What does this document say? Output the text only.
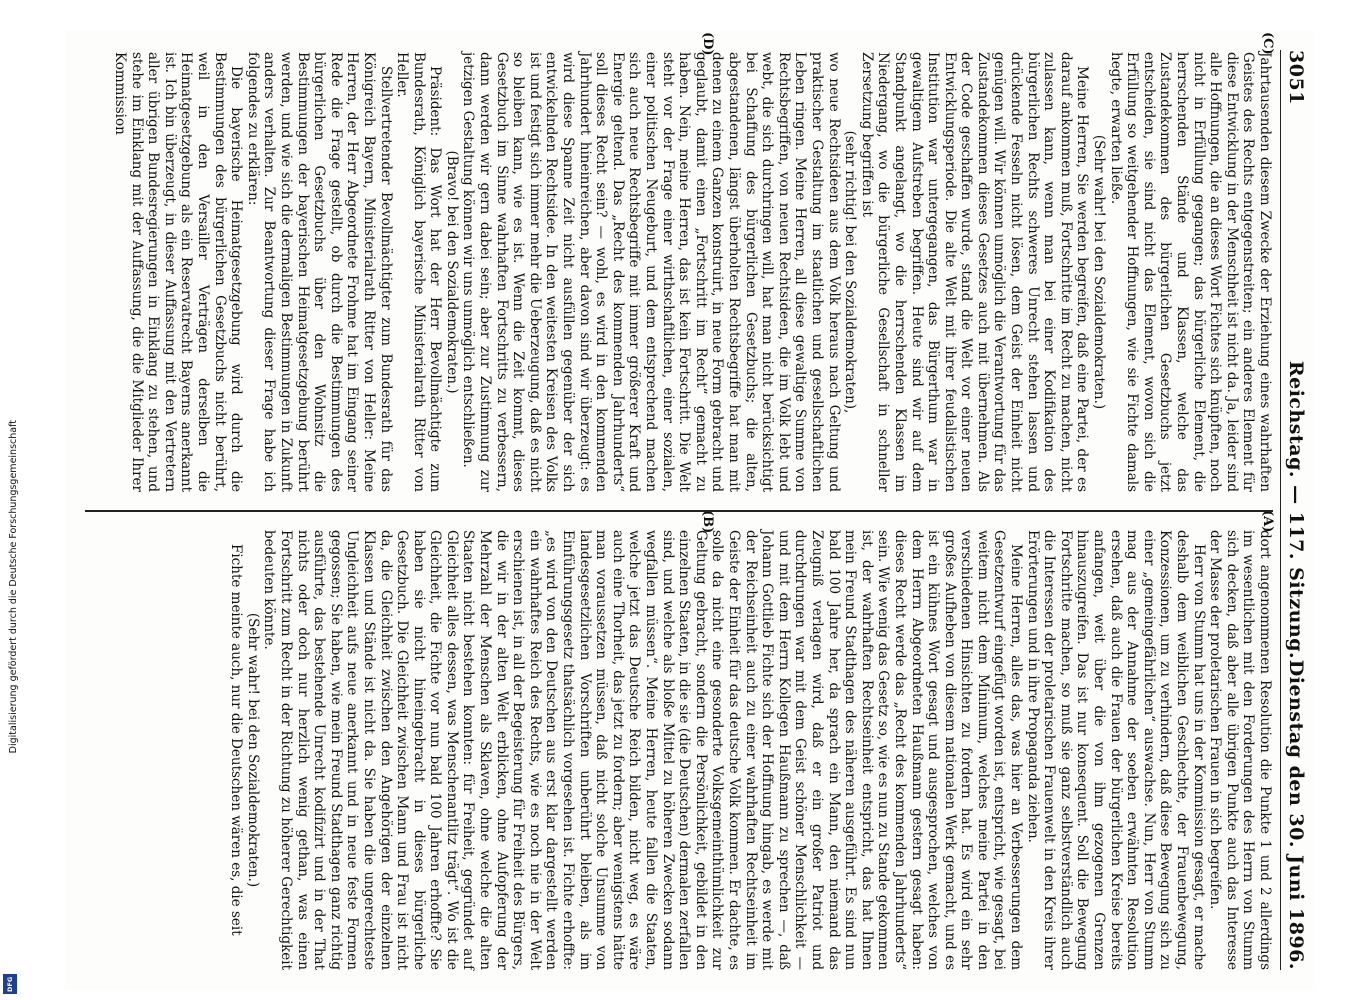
3051
Reichstag. — 117. Sitzung.
Dienstag den 30. Juni 1896.
(C)
(D)
(A)
(B)

Jahrtausenden diesem Zwecke der Erziehung eines wahrhaften Geistes des Rechts entgegenstreiten; ein anderes Element für diese Entwicklung in der Menschheit ist nicht da. Ja, leider sind alle Hoffnungen, die an dieses Wort Fichtes sich knüpften, noch nicht in Erfüllung gegangen; das bürgerliche Element, die herrschenden Stände und Klassen, welche das Zustandekommen des bürgerlichen Gesetzbuchs jetzt entscheiden, sie sind nicht das Element, wovon sich die Erfüllung so weitgehender Hoffnungen, wie sie Fichte damals hegte, erwarten ließe.

(Sehr wahr! bei den Sozialdemokraten.)

Meine Herren, Sie werden begreifen, daß eine Partei, der es darauf ankommen muß, Fortschritte im Recht zu machen, nicht zulassen kann, wenn man bei einer Kodifikation des bürgerlichen Rechts schweres Unrecht stehen lassen und drückende Fesseln nicht lösen, dem Geist der Einheit nicht genügen will. Wir können unmöglich die Verantwortung für das Zustandekommen dieses Gesetzes auch mit übernehmen. Als der Code geschaffen wurde, stand die Welt vor einer neuen Entwicklungsperiode. Die alte Welt mit ihrer feudalistischen Institution war untergegangen, das Bürgerthum war in gewaltigem Aufstreben begriffen. Heute sind wir auf dem Standpunkt angelangt, wo die herrschenden Klassen im Niedergang, wo die bürgerliche Gesellschaft in schneller Zersetzung begriffen ist

(sehr richtig! bei den Sozialdemokraten),

wo neue Rechtsideen aus dem Volk heraus nach Geltung und praktischer Gestaltung im staatlichen und gesellschaftlichen Leben ringen. Meine Herren, all diese gewaltige Summe von Rechtsbegriffen, von neuen Rechtsideen, die im Volk lebt und webt, die sich durchringen will, hat man nicht berücksichtigt bei Schaffung des bürgerlichen Gesetzbuchs; die alten, abgestandenen, längst überholten Rechtsbegriffe hat man mit denen zu einem Ganzen konstruirt, in neue Form gebracht und geglaubt, damit einen „Fortschritt im Recht“ gemacht zu haben. Nein, meine Herren, das ist kein Fortschritt. Die Welt steht vor der Frage einer wirthschaftlichen, einer sozialen, einer politischen Neugeburt, und dem entsprechend machen sich auch neue Rechtsbegriffe mit immer größerer Kraft und Energie geltend. Das „Recht des kommenden Jahrhunderts“ soll dieses Recht sein? — wohl, es wird in den kommenden Jahrhundert hineinreichen, aber davon sind wir überzeugt: es wird diese Spanne Zeit nicht ausfüllen gegenüber der sich entwickelnden Rechtsidee. In den weitesten Kreisen des Volks ist und festigt sich immer mehr die Ueberzeugung, daß es nicht so bleiben kann, wie es ist. Wenn die Zeit kommt, dieses Gesetzbuch im Sinne wahrhaften Fortschritts zu verbessern, dann werden wir gern dabei sein; aber zur Zustimmung zur jetzigen Gestaltung können wir uns unmöglich entschließen.

(Bravo! bei den Sozialdemokraten.)

Präsident: Das Wort hat der Herr Bevollmächtigte zum Bundesrath, Königlich bayerische Ministerialrath Ritter von Heller.

Stellvertretender Bevollmächtigter zum Bundesrath für das Königreich Bayern, Ministerialrath Ritter von Heller: Meine Herren, der Herr Abgeordnete Frohme hat im Eingang seiner Rede die Frage gestellt, ob durch die Bestimmungen des bürgerlichen Gesetzbuchs über den Wohnsitz die Bestimmungen der bayerischen Heimatgesetzgebung berührt werden, und wie sich die dermaligen Bestimmungen in Zukunft anders verhalten. Zur Beantwortung dieser Frage habe ich folgendes zu erklären:

Die bayerische Heimatgesetzgebung wird durch die Bestimmungen des bürgerlichen Gesetzbuchs nicht berührt, weil in den Versailler Verträgen derselben die Heimatgesetzgebung als ein Reservatrecht Bayerns anerkannt ist. Ich bin überzeugt, in dieser Auffassung mit den Vertretern aller übrigen Bundesregierungen in Einklang zu stehen, und stehe im Einklang mit der Auffassung, die die Mitglieder Ihrer Kommission

dort angenommenen Resolution die Punkte 1 und 2 allerdings im wesentlichen mit den Forderungen des Herrn von Stumm sich decken, daß aber alle übrigen Punkte auch das Interesse der Masse der proletarischen Frauen in sich begreifen.

Herr von Stumm hat uns in der Kommission gesagt, er mache deshalb dem weiblichen Geschlechte, der Frauenbewegung, Konzessionen, um zu verhindern, daß diese Bewegung sich zu einer „gemeingefährlichen“ auswachse. Nun, Herr von Stumm mag aus der Annahme der soeben erwähnten Resolution ersehen, daß auch die Frauen der bürgerlichen Kreise bereits anfangen, weit über die von ihm gezogenen Grenzen hinauszugreifen. Das ist nur konsequent. Soll die Bewegung Fortschritte machen, so muß sie ganz selbstverständlich auch die Interessen der proletarischen Frauenwelt in den Kreis ihrer Erörterungen und in ihre Propaganda ziehen.

Meine Herren, alles das, was hier an Verbesserungen dem Gesetzentwurf eingefügt worden ist, entspricht, wie gesagt, bei weitem nicht dem Minimum, welches meine Partei in den verschiedenen Hinsichten zu fordern hat. Es wird ein sehr großes Aufheben von diesem nationalen Werk gemacht, und es ist ein kühnes Wort gesagt und ausgesprochen, welches von dem Herrn Abgeordneten Haußmann gestern gesagt haben: dieses Recht werde das „Recht des kommenden Jahrhunderts“ sein. Wie wenig das Gesetz so, wie es nun zu Stande gekommen ist, der wahrhaften Rechtseinheit entspricht, das hat Ihnen mein Freund Stadthagen des näheren ausgeführt. Es sind nun bald 100 Jahre her, da sprach ein Mann, den niemand das Zeugniß verlagen wird, daß er ein großer Patriot und durchdrungen war mit dem Geist schöner Menschlichkeit — und mit dem Herrn Kollegen Haußmann zu sprechen —, daß Johann Gottlieb Fichte sich der Hoffnung hingab, es werde mit der Reichseinheit auch zu einer wahrhaften Rechtseinheit im Geiste der Einheit für das deutsche Volk kommen. Er dachte, es solle da nicht eine gesonderte Volksgemeinthümlichkeit zur Geltung gebracht, sondern die Persönlichkeit, gebildet in den einzelnen Staaten, in die sie (die Deutschen) dermalen zerfallen sind, und welche als bloße Mittel zu höheren Zwecken sodann wegfallen müssen“. Meine Herren, heute fallen die Staaten, welche jetzt das Deutsche Reich bilden, nicht weg, es wäre auch eine Thorheit, das jetzt zu fordern; aber wenigstens hätte man voraussetzen müssen, daß nicht solche Unsumme von landesgesetzlichen Vorschriften unberührt bleiben, als im Einführungsgesetz thatsächlich vorgesehen ist. Fichte erhoffte: „es wird von den Deutschen aus erst klar dargestellt werden ein wahrhaftes Reich des Rechts, wie es noch nie in der Welt erschienen ist, in all der Begeisterung für Freiheit des Bürgers, die wir in der alten Welt erblicken, ohne Aufopferung der Mehrzahl der Menschen als Sklaven, ohne welche die alten Staaten nicht bestehen konnten: für Freiheit, gegründet auf Gleichheit alles dessen, was Menschenantlitz trägt“. Wo ist die Gleichheit, die Fichte vor nun bald 100 Jahren erhoffte? Sie haben sie nicht hineingebracht in dieses bürgerliche Gesetzbuch. Die Gleichheit zwischen Mann und Frau ist nicht da, die Gleichheit zwischen den Angehörigen der einzelnen Klassen und Stände ist nicht da. Sie haben die ungerechteste Ungleichheit aufs neue anerkannt und in neue feste Formen gegossen; Sie haben, wie mein Freund Stadthagen ganz richtig ausführte, das bestehende Unrecht kodifizirt und in der That nichts oder doch nur herzlich wenig gethan, was einen Fortschritt zum Recht in der Richtung zu höherer Gerechtigkeit bedeuten könnte.

(Sehr wahr! bei den Sozialdemokraten.)

Fichte meinte auch, nur die Deutschen wären es, die seit

Digitalisierung gefördert durch die Deutsche Forschungsgemeinschaft
DFG
